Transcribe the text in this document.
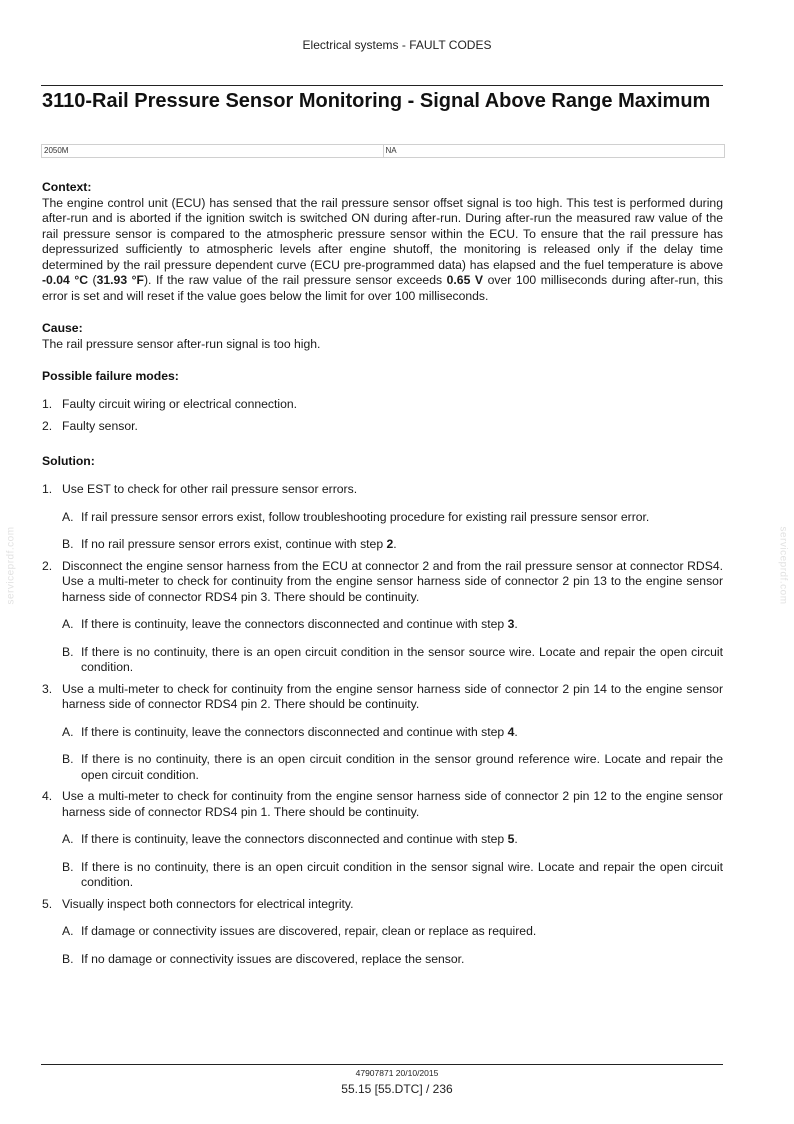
Electrical systems - FAULT CODES
3110-Rail Pressure Sensor Monitoring - Signal Above Range Maximum
2050M	NA
Context:

The engine control unit (ECU) has sensed that the rail pressure sensor offset signal is too high. This test is performed during after-run and is aborted if the ignition switch is switched ON during after-run. During after-run the measured raw value of the rail pressure sensor is compared to the atmospheric pressure sensor within the ECU. To ensure that the rail pressure has depressurized sufficiently to atmospheric levels after engine shutoff, the monitoring is released only if the delay time determined by the rail pressure dependent curve (ECU pre-programmed data) has elapsed and the fuel temperature is above -0.04 °C (31.93 °F). If the raw value of the rail pressure sensor exceeds 0.65 V over 100 milliseconds during after-run, this error is set and will reset if the value goes below the limit for over 100 milliseconds.

Cause:

The rail pressure sensor after-run signal is too high.

Possible failure modes:
1. Faulty circuit wiring or electrical connection.
2. Faulty sensor.
Solution:
1. Use EST to check for other rail pressure sensor errors.
A. If rail pressure sensor errors exist, follow troubleshooting procedure for existing rail pressure sensor error.
B. If no rail pressure sensor errors exist, continue with step 2.
2. Disconnect the engine sensor harness from the ECU at connector 2 and from the rail pressure sensor at connector RDS4. Use a multi-meter to check for continuity from the engine sensor harness side of connector 2 pin 13 to the engine sensor harness side of connector RDS4 pin 3. There should be continuity.
A. If there is continuity, leave the connectors disconnected and continue with step 3.
B. If there is no continuity, there is an open circuit condition in the sensor source wire. Locate and repair the open circuit condition.
3. Use a multi-meter to check for continuity from the engine sensor harness side of connector 2 pin 14 to the engine sensor harness side of connector RDS4 pin 2. There should be continuity.
A. If there is continuity, leave the connectors disconnected and continue with step 4.
B. If there is no continuity, there is an open circuit condition in the sensor ground reference wire. Locate and repair the open circuit condition.
4. Use a multi-meter to check for continuity from the engine sensor harness side of connector 2 pin 12 to the engine sensor harness side of connector RDS4 pin 1. There should be continuity.
A. If there is continuity, leave the connectors disconnected and continue with step 5.
B. If there is no continuity, there is an open circuit condition in the sensor signal wire. Locate and repair the open circuit condition.
5. Visually inspect both connectors for electrical integrity.
A. If damage or connectivity issues are discovered, repair, clean or replace as required.
B. If no damage or connectivity issues are discovered, replace the sensor.
serviceprdf.com	serviceprdf.com
47907871 20/10/2015
55.15 [55.DTC] / 236
